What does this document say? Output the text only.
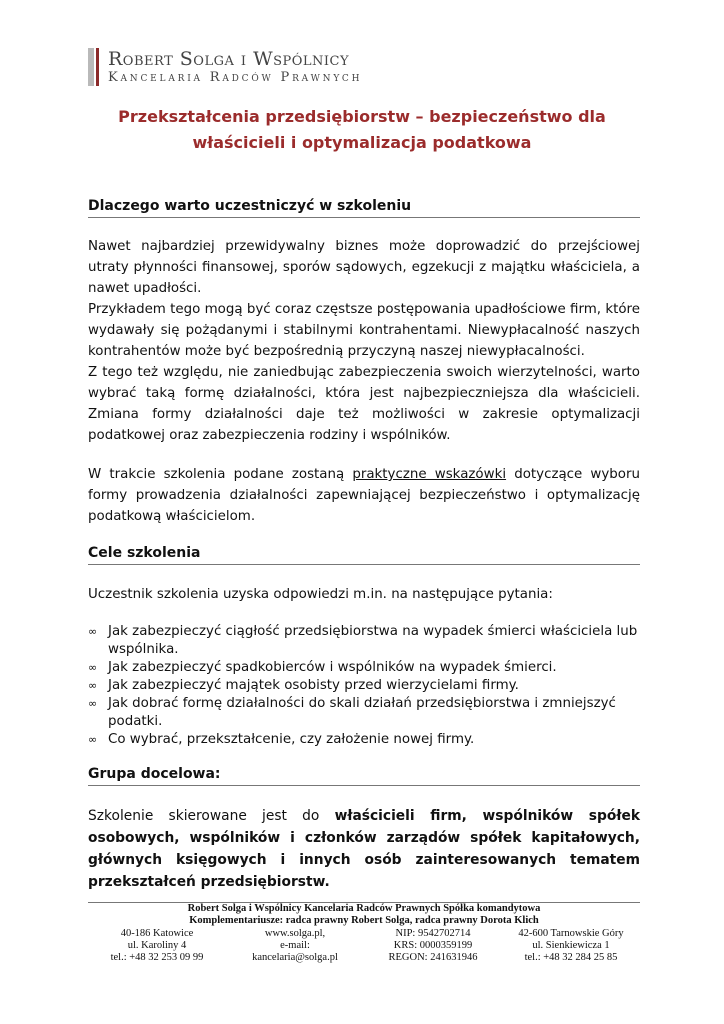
Robert Solga i Wspólnicy
Kancelaria Radców Prawnych
Przekształcenia przedsiębiorstw – bezpieczeństwo dla
właścicieli i optymalizacja podatkowa
Dlaczego warto uczestniczyć w szkoleniu

Nawet najbardziej przewidywalny biznes może doprowadzić do przejściowej utraty płynności finansowej, sporów sądowych, egzekucji z majątku właściciela, a nawet upadłości.

Przykładem tego mogą być coraz częstsze postępowania upadłościowe firm, które wydawały się pożądanymi i stabilnymi kontrahentami. Niewypłacalność naszych kontrahentów może być bezpośrednią przyczyną naszej niewypłacalności.

Z tego też względu, nie zaniedbując zabezpieczenia swoich wierzytelności, warto wybrać taką formę działalności, która jest najbezpieczniejsza dla właścicieli. Zmiana formy działalności daje też możliwości w zakresie optymalizacji podatkowej oraz zabezpieczenia rodziny i wspólników.

W trakcie szkolenia podane zostaną praktyczne wskazówki dotyczące wyboru formy prowadzenia działalności zapewniającej bezpieczeństwo i optymalizację podatkową właścicielom.

Cele szkolenia
Uczestnik szkolenia uzyska odpowiedzi m.in. na następujące pytania:
∞ Jak zabezpieczyć ciągłość przedsiębiorstwa na wypadek śmierci właściciela lub wspólnika.
∞ Jak zabezpieczyć spadkobierców i wspólników na wypadek śmierci.
∞ Jak zabezpieczyć majątek osobisty przed wierzycielami firmy.
∞ Jak dobrać formę działalności do skali działań przedsiębiorstwa i zmniejszyć podatki.
∞ Co wybrać, przekształcenie, czy założenie nowej firmy.
Grupa docelowa:

Szkolenie skierowane jest do właścicieli firm, wspólników spółek osobowych, wspólników i członków zarządów spółek kapitałowych, głównych księgowych i innych osób zainteresowanych tematem przekształceń przedsiębiorstw.

Robert Solga i Wspólnicy Kancelaria Radców Prawnych Spółka komandytowa
Komplementariusze: radca prawny Robert Solga, radca prawny Dorota Klich
40-186 Katowice
ul. Karoliny 4
tel.: +48 32 253 09 99
www.solga.pl,
e-mail:
kancelaria@solga.pl
NIP: 9542702714
KRS: 0000359199
REGON: 241631946
42-600 Tarnowskie Góry
ul. Sienkiewicza 1
tel.: +48 32 284 25 85
